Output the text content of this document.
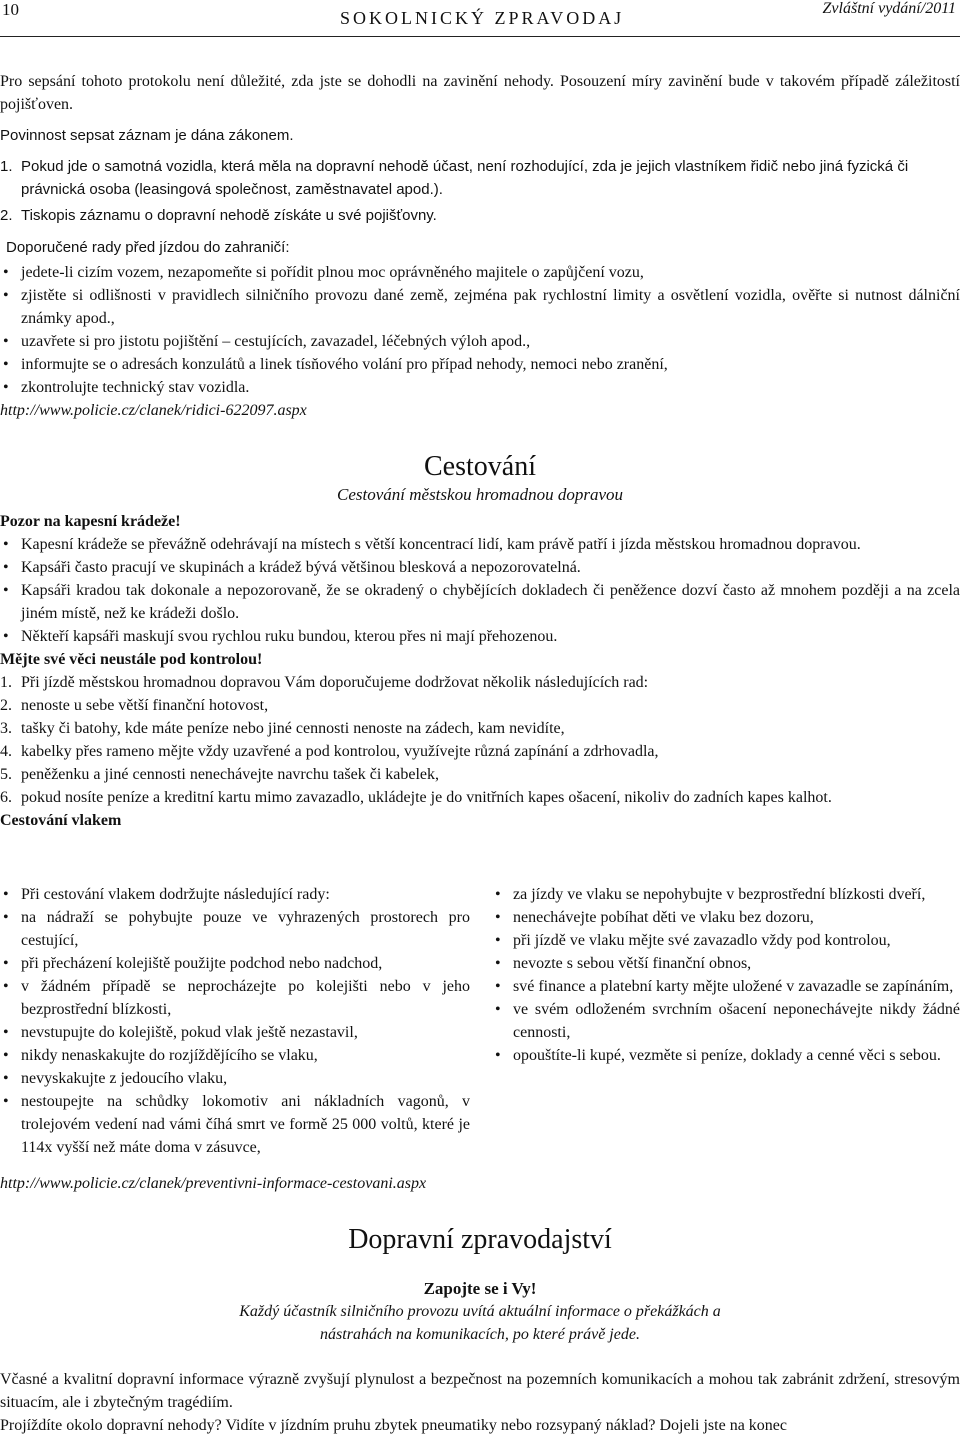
10	SOKOLNICKÝ ZPRAVODAJ	Zvláštní vydání/2011

Pro sepsání tohoto protokolu není důležité, zda jste se dohodli na zavinění nehody. Posouzení míry zavinění bude v takovém případě záležitostí pojišťoven.

Povinnost sepsat záznam je dána zákonem.

1. Pokud jde o samotná vozidla, která měla na dopravní nehodě účast, není rozhodující, zda je jejich vlastníkem řidič nebo jiná fyzická či právnická osoba (leasingová společnost, zaměstnavatel apod.).
2. Tiskopis záznamu o dopravní nehodě získáte u své pojišťovny.

Doporučené rady před jízdou do zahraničí:

• jedete-li cizím vozem, nezapomeňte si pořídit plnou moc oprávněného majitele o zapůjčení vozu,
• zjistěte si odlišnosti v pravidlech silničního provozu dané země, zejména pak rychlostní limity a osvětlení vozidla, ověřte si nutnost dálniční známky apod.,
• uzavřete si pro jistotu pojištění – cestujících, zavazadel, léčebných výloh apod.,
• informujte se o adresách konzulátů a linek tísňového volání pro případ nehody, nemoci nebo zranění,
• zkontrolujte technický stav vozidla.

http://www.policie.cz/clanek/ridici-622097.aspx

Cestování

Cestování městskou hromadnou dopravou

Pozor na kapesní krádeže!

• Kapesní krádeže se převážně odehrávají na místech s větší koncentrací lidí, kam právě patří i jízda městskou hromadnou dopravou.
• Kapsáři často pracují ve skupinách a krádež bývá většinou blesková a nepozorovatelná.
• Kapsáři kradou tak dokonale a nepozorovaně, že se okradený o chybějících dokladech či peněžence dozví často až mnohem později a na zcela jiném místě, než ke krádeži došlo.
• Někteří kapsáři maskují svou rychlou ruku bundou, kterou přes ni mají přehozenou.

Mějte své věci neustále pod kontrolou!

1. Při jízdě městskou hromadnou dopravou Vám doporučujeme dodržovat několik následujících rad:
2. nenoste u sebe větší finanční hotovost,
3. tašky či batohy, kde máte peníze nebo jiné cennosti nenoste na zádech, kam nevidíte,
4. kabelky přes rameno mějte vždy uzavřené a pod kontrolou, využívejte různá zapínání a zdrhovadla,
5. peněženku a jiné cennosti nenechávejte navrchu tašek či kabelek,
6. pokud nosíte peníze a kreditní kartu mimo zavazadlo, ukládejte je do vnitřních kapes ošacení, nikoliv do zadních kapes kalhot.

Cestování vlakem

• Při cestování vlakem dodržujte následující rady:
• na nádraží se pohybujte pouze ve vyhrazených prostorech pro cestující,
• při přecházení kolejiště použijte podchod nebo nadchod,
• v žádném případě se neprocházejte po kolejišti nebo v jeho bezprostřední blízkosti,
• nevstupujte do kolejiště, pokud vlak ještě nezastavil,
• nikdy nenaskakujte do rozjíždějícího se vlaku,
• nevyskakujte z jedoucího vlaku,
• nestoupejte na schůdky lokomotiv ani nákladních vagonů, v trolejovém vedení nad vámi číhá smrt ve formě 25 000 voltů, které je 114x vyšší než máte doma v zásuvce,
• za jízdy ve vlaku se nepohybujte v bezprostřední blízkosti dveří,
• nenechávejte pobíhat děti ve vlaku bez dozoru,
• při jízdě ve vlaku mějte své zavazadlo vždy pod kontrolou,
• nevozte s sebou větší finanční obnos,
• své finance a platební karty mějte uložené v zavazadle se zapínáním,
• ve svém odloženém svrchním ošacení neponechávejte nikdy žádné cennosti,
• opouštíte-li kupé, vezměte si peníze, doklady a cenné věci s sebou.

http://www.policie.cz/clanek/preventivni-informace-cestovani.aspx

Dopravní zpravodajství

Zapojte se i Vy!

Každý účastník silničního provozu uvítá aktuální informace o překážkách a nástrahách na komunikacích, po které právě jede.

Včasné a kvalitní dopravní informace výrazně zvyšují plynulost a bezpečnost na pozemních komunikacích a mohou tak zabránit zdržení, stresovým situacím, ale i zbytečným tragédiím.

Projíždíte okolo dopravní nehody? Vidíte v jízdním pruhu zbytek pneumatiky nebo rozsypaný náklad? Dojeli jste na konec
